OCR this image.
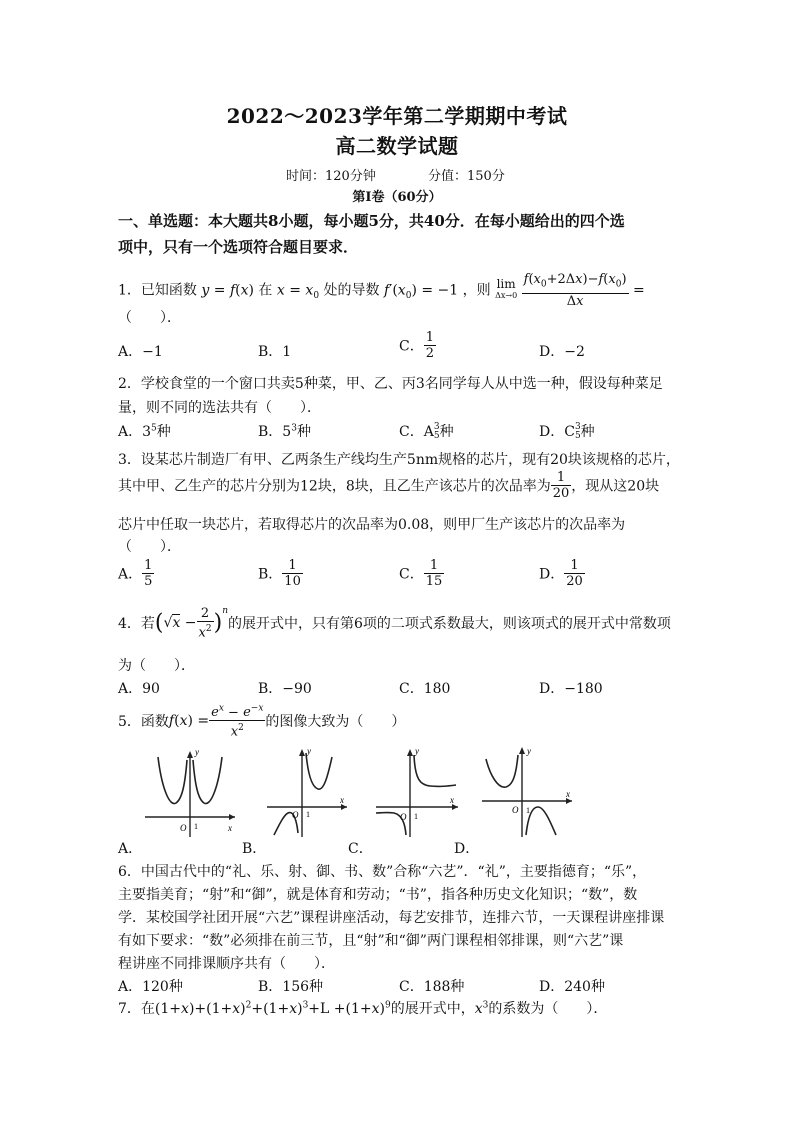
2022～2023学年第二学期期中考试
高二数学试题
时间：120分钟	分值：150分
第Ⅰ卷（60分）
一、单选题：本大题共8小题，每小题5分，共40分．在每小题给出的四个选
项中，只有一个选项符合题目要求．
1．已知函数 y = f(x) 在 $x = x_0$ 处的导数 $f'(x_0) = -1$ ，则 lim
Δx→0
$\frac{f(x_0+2\Delta x)-f(x_0)}{\Delta x}$ =
（　　）．
A．−1	B．1	C． $\frac{1}{2}$	D．−2
2．学校食堂的一个窗口共卖5种菜，甲、乙、丙3名同学每人从中选一种，假设每种菜足
量，则不同的选法共有（　　）．
A．$3^5$种	B．$5^3$种	C．A 3
5 种	D．C 3
5 种
3．设某芯片制造厂有甲、乙两条生产线均生产5nm规格的芯片，现有20块该规格的芯片，
其中甲、乙生产的芯片分别为12块，8块，且乙生产该芯片的次品率为 $\frac{1}{20}$ ，现从这20块
芯片中任取一块芯片，若取得芯片的次品率为0.08，则甲厂生产该芯片的次品率为
（　　）．
A． $\frac{1}{5}$	B． $\frac{1}{10}$	C． $\frac{1}{15}$	D． $\frac{1}{20}$
4．若$(√x - \frac{2}{x^2} )^n$的展开式中，只有第6项的二项式系数最大，则该项式的展开式中常数项
为（　　）．
A．90	B．−90	C．180	D．−180
5．函数$f(x) = \frac{e^x - e^{-x}}{x^2}$ 的图像大致为（　　）
y
x
O 1
A．
y
x
O 1
B．
y
x
O 1
C．
y
x
O 1
D．
6．中国古代中的“礼、乐、射、御、书、数”合称“六艺”．“礼”，主要指德育；“乐”，
主要指美育；“射”和“御”，就是体育和劳动；“书”，指各种历史文化知识；“数”，数
学．某校国学社团开展“六艺”课程讲座活动，每艺安排节，连排六节，一天课程讲座排课
有如下要求：“数”必须排在前三节，且“射”和“御”两门课程相邻排课，则“六艺”课
程讲座不同排课顺序共有（　　）．
A．120种	B．156种	C．188种	D．240种
7．在$(1+x)+(1+x)^2+(1+x)^3+L +(1+x)^9$的展开式中，$x^3$的系数为（　　）．
